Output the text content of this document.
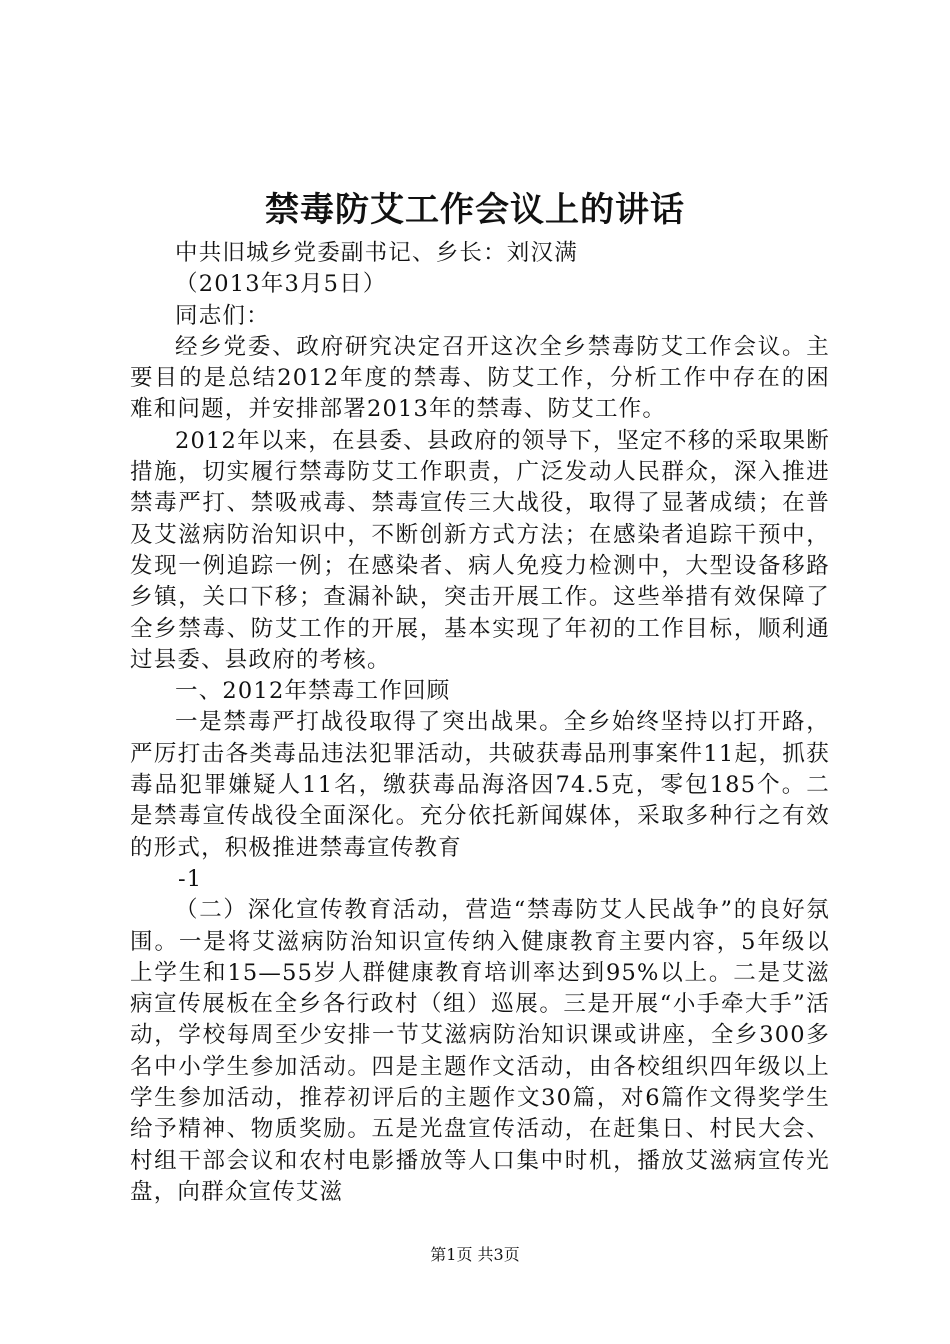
禁毒防艾工作会议上的讲话

中共旧城乡党委副书记、乡长：刘汉满

（2013年3月5日）

同志们：

经乡党委、政府研究决定召开这次全乡禁毒防艾工作会议。主要目的是总结2012年度的禁毒、防艾工作，分析工作中存在的困难和问题，并安排部署2013年的禁毒、防艾工作。

2012年以来，在县委、县政府的领导下，坚定不移的采取果断措施，切实履行禁毒防艾工作职责，广泛发动人民群众，深入推进禁毒严打、禁吸戒毒、禁毒宣传三大战役，取得了显著成绩；在普及艾滋病防治知识中，不断创新方式方法；在感染者追踪干预中，发现一例追踪一例；在感染者、病人免疫力检测中，大型设备移路乡镇，关口下移；查漏补缺，突击开展工作。这些举措有效保障了全乡禁毒、防艾工作的开展，基本实现了年初的工作目标，顺利通过县委、县政府的考核。

一、2012年禁毒工作回顾

一是禁毒严打战役取得了突出战果。全乡始终坚持以打开路，严厉打击各类毒品违法犯罪活动，共破获毒品刑事案件11起，抓获毒品犯罪嫌疑人11名，缴获毒品海洛因74.5克，零包185个。二是禁毒宣传战役全面深化。充分依托新闻媒体，采取多种行之有效的形式，积极推进禁毒宣传教育

-1

（二）深化宣传教育活动，营造“禁毒防艾人民战争”的良好氛围。一是将艾滋病防治知识宣传纳入健康教育主要内容，5年级以上学生和15—55岁人群健康教育培训率达到95%以上。二是艾滋病宣传展板在全乡各行政村（组）巡展。三是开展“小手牵大手”活动，学校每周至少安排一节艾滋病防治知识课或讲座，全乡300多名中小学生参加活动。四是主题作文活动，由各校组织四年级以上学生参加活动，推荐初评后的主题作文30篇，对6篇作文得奖学生给予精神、物质奖励。五是光盘宣传活动，在赶集日、村民大会、村组干部会议和农村电影播放等人口集中时机，播放艾滋病宣传光盘，向群众宣传艾滋

第1页 共3页
